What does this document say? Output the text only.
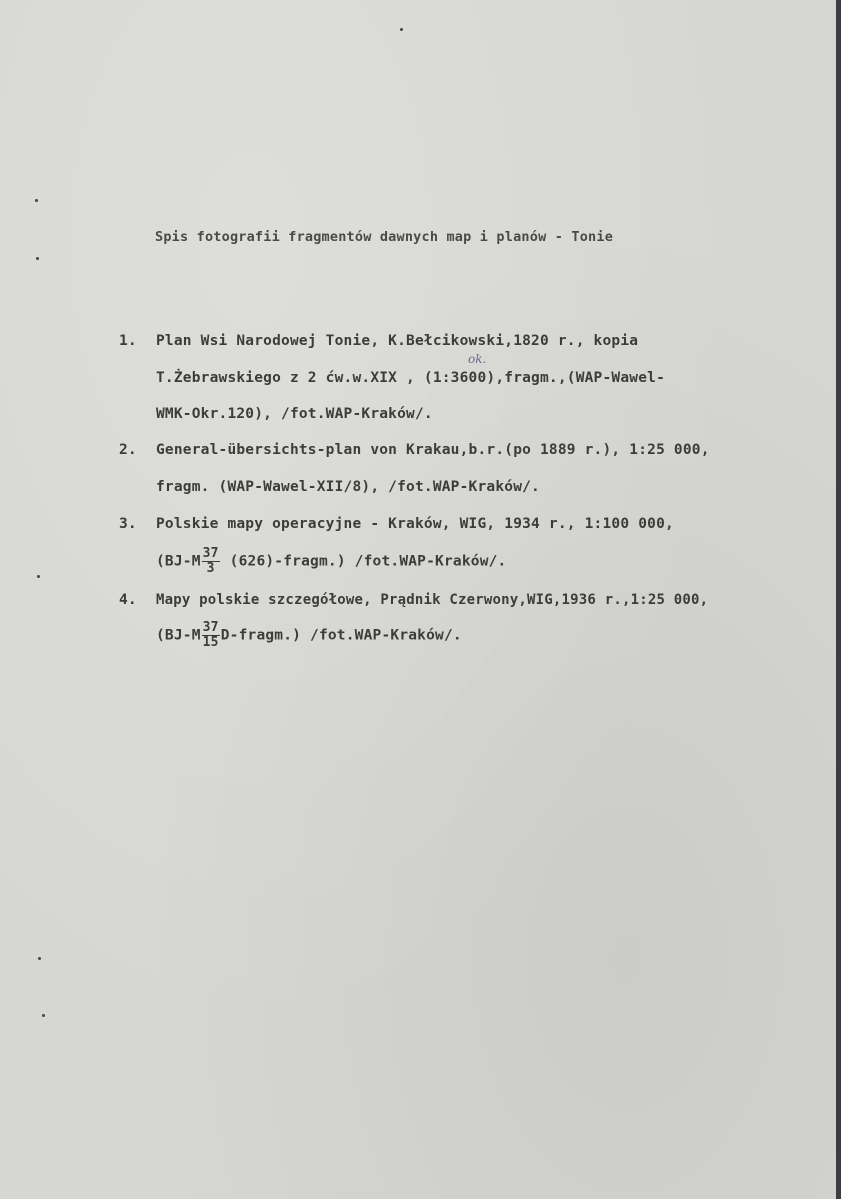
Spis fotografii fragmentów dawnych map i planów - Tonie
1. Plan Wsi Narodowej Tonie, K.Bełcikowski,1820 r., kopia
T.Żebrawskiego z 2 ćw.w.XIX , (1:3600),fragm.,(WAP-Wawel-
WMK-Okr.120), /fot.WAP-Kraków/.
ok.
2. General-übersichts-plan von Krakau,b.r.(po 1889 r.), 1:25 000,
fragm. (WAP-Wawel-XII/8), /fot.WAP-Kraków/.
3. Polskie mapy operacyjne - Kraków, WIG, 1934 r., 1:100 000,
($BJ-M \frac{37}{3}$ (626)-fragm.) /fot.WAP-Kraków/.
4. Mapy polskie szczegółowe, Prądnik Czerwony,WIG,1936 r.,1:25 000,
($BJ-M \frac{37}{15}$ D-fragm.) /fot.WAP-Kraków/.
